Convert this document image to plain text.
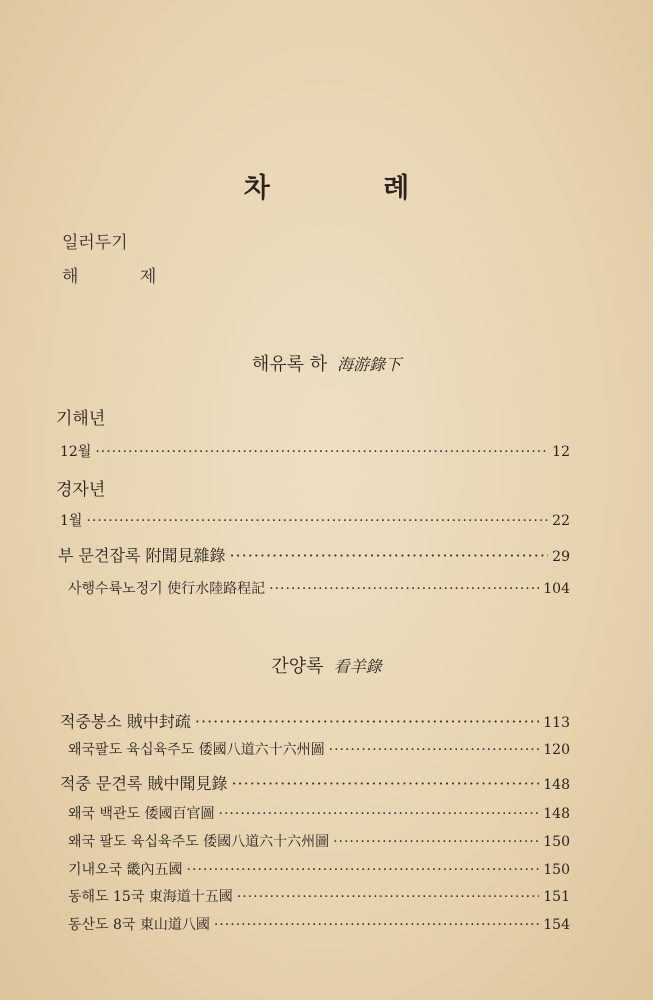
차 례
일러두기
해 제
해유록 하 海游錄下
기해년
12월 ·····	12
경자년
1월 ·····	22
부 문견잡록 附聞見雜錄 ·····	29
사행수륙노정기 使行水陸路程記 ·····	104
간양록 看羊錄
적중봉소 賊中封疏 ·····	113
왜국팔도 육십육주도 倭國八道六十六州圖 ·····	120
적중 문견록 賊中聞見錄 ·····	148
왜국 백관도 倭國百官圖 ·····	148
왜국 팔도 육십육주도 倭國八道六十六州圖 ·····	150
기내오국 畿內五國 ·····	150
동해도 15국 東海道十五國 ·····	151
동산도 8국 東山道八國 ·····	154
